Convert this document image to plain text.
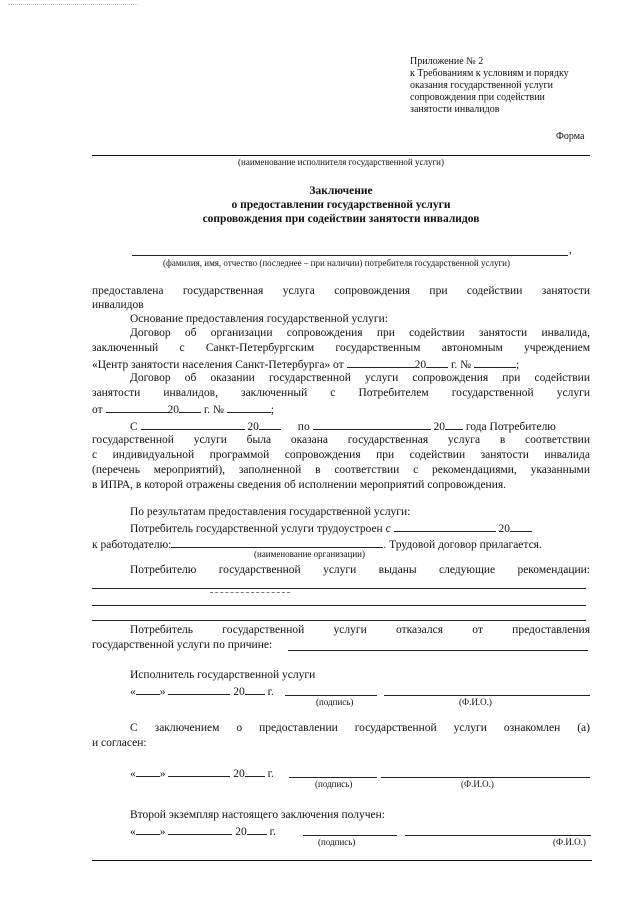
Приложение № 2
к Требованиям к условиям и порядку
оказания государственной услуги
сопровождения при содействии
занятости инвалидов
Форма
(наименование исполнителя государственной услуги)
Заключение
о предоставлении государственной услуги
сопровождения при содействии занятости инвалидов
,
(фамилия, имя, отчество (последнее – при наличии) потребителя государственной услуги)
предоставлена государственная услуга сопровождения при содействии занятости
инвалидов
Основание предоставления государственной услуги:
Договор об организации сопровождения при содействии занятости инвалида,
заключенный с Санкт-Петербургским государственным автономным учреждением
«Центр занятости населения Санкт-Петербурга» от	20 г. №	;
Договор об оказании государственной услуги сопровождения при содействии
занятости инвалидов, заключенный с Потребителем государственной услуги
от	20 г. №	;
С	20	по	20 года Потребителю
государственной услуги была оказана государственная услуга в соответствии
с индивидуальной программой сопровождения при содействии занятости инвалида
(перечень мероприятий), заполненной в соответствии с рекомендациями, указанными
в ИПРА, в которой отражены сведения об исполнении мероприятий сопровождения.
По результатам предоставления государственной услуги:
Потребитель государственной услуги трудоустроен с	20
к работодателю:	. Трудовой договор прилагается.
(наименование организации)
Потребителю государственной услуги выданы следующие рекомендации:
Потребитель государственной услуги отказался от предоставления
государственной услуги по причине:
Исполнитель государственной услуги
« »	20 г.
(подпись)	(Ф.И.О.)
С заключением о предоставлении государственной услуги ознакомлен (а)
и согласен:
« »	20 г.
(подпись)	(Ф.И.О.)
Второй экземпляр настоящего заключения получен:
« »	20 г.
(подпись)	(Ф.И.О.)
